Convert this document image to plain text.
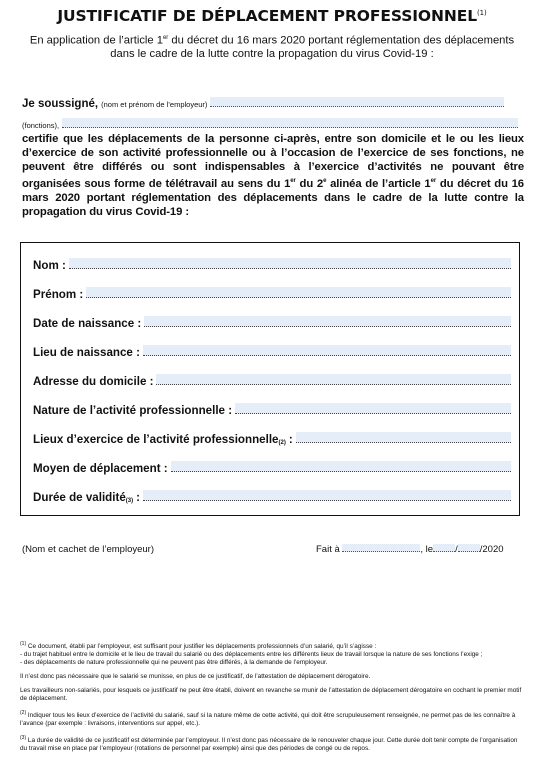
JUSTIFICATIF DE DÉPLACEMENT PROFESSIONNEL$^{(1)}$
En application de l’article 1er du décret du 16 mars 2020 portant réglementation des déplacements dans le cadre de la lutte contre la propagation du virus Covid-19 :
Je soussigné, (nom et prénom de l’employeur)
(fonctions),
certifie que les déplacements de la personne ci-après, entre son domicile et le ou les lieux d’exercice de son activité professionnelle ou à l’occasion de l’exercice de ses fonctions, ne peuvent être différés ou sont indispensables à l’exercice d’activités ne pouvant être organisées sous forme de télétravail au sens du 1er du 2e alinéa de l’article 1er du décret du 16 mars 2020 portant réglementation des déplacements dans le cadre de la lutte contre la propagation du virus Covid-19 :
Nom :
Prénom :
Date de naissance :
Lieu de naissance :
Adresse du domicile :
Nature de l’activité professionnelle :
Lieux d’exercice de l’activité professionnelle$_{(2)}$ :
Moyen de déplacement :
Durée de validité$_{(3)}$ :
(Nom et cachet de l’employeur)	Fait à	, le / /2020

$^{(1)}$ Ce document, établi par l’employeur, est suffisant pour justifier les déplacements professionnels d’un salarié, qu’il s’agisse :
- du trajet habituel entre le domicile et le lieu de travail du salarié ou des déplacements entre les différents lieux de travail lorsque la nature de ses fonctions l’exige ;
- des déplacements de nature professionnelle qui ne peuvent pas être différés, à la demande de l’employeur.

Il n’est donc pas nécessaire que le salarié se munisse, en plus de ce justificatif, de l’attestation de déplacement dérogatoire.

Les travailleurs non-salariés, pour lesquels ce justificatif ne peut être établi, doivent en revanche se munir de l’attestation de déplacement dérogatoire en cochant le premier motif de déplacement.

$^{(2)}$ Indiquer tous les lieux d’exercice de l’activité du salarié, sauf si la nature même de cette activité, qui doit être scrupuleusement renseignée, ne permet pas de les connaître à l’avance (par exemple : livraisons, interventions sur appel, etc.).

$^{(3)}$ La durée de validité de ce justificatif est déterminée par l’employeur. Il n’est donc pas nécessaire de le renouveler chaque jour. Cette durée doit tenir compte de l’organisation du travail mise en place par l’employeur (rotations de personnel par exemple) ainsi que des périodes de congé ou de repos.
